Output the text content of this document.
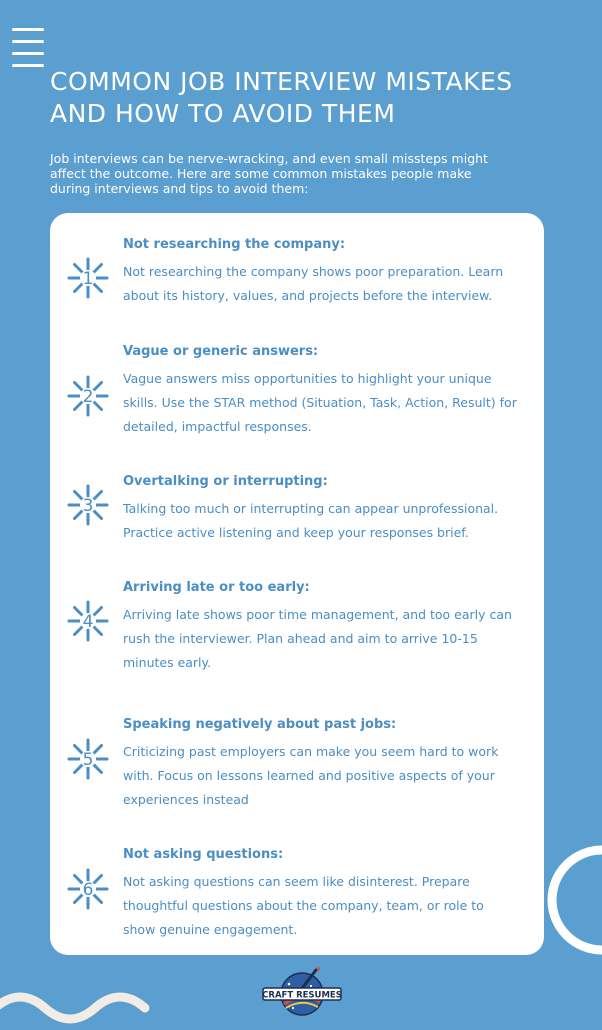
COMMON JOB INTERVIEW MISTAKES
AND HOW TO AVOID THEM

Job interviews can be nerve-wracking, and even small missteps might
affect the outcome. Here are some common mistakes people make
during interviews and tips to avoid them:

1

Not researching the company:

Not researching the company shows poor preparation. Learn
about its history, values, and projects before the interview.

2

Vague or generic answers:

Vague answers miss opportunities to highlight your unique
skills. Use the STAR method (Situation, Task, Action, Result) for
detailed, impactful responses.

3

Overtalking or interrupting:

Talking too much or interrupting can appear unprofessional.
Practice active listening and keep your responses brief.

4

Arriving late or too early:

Arriving late shows poor time management, and too early can
rush the interviewer. Plan ahead and aim to arrive 10-15
minutes early.

5

Speaking negatively about past jobs:

Criticizing past employers can make you seem hard to work
with. Focus on lessons learned and positive aspects of your
experiences instead

6

Not asking questions:

Not asking questions can seem like disinterest. Prepare
thoughtful questions about the company, team, or role to
show genuine engagement.

CRAFT RESUMES
